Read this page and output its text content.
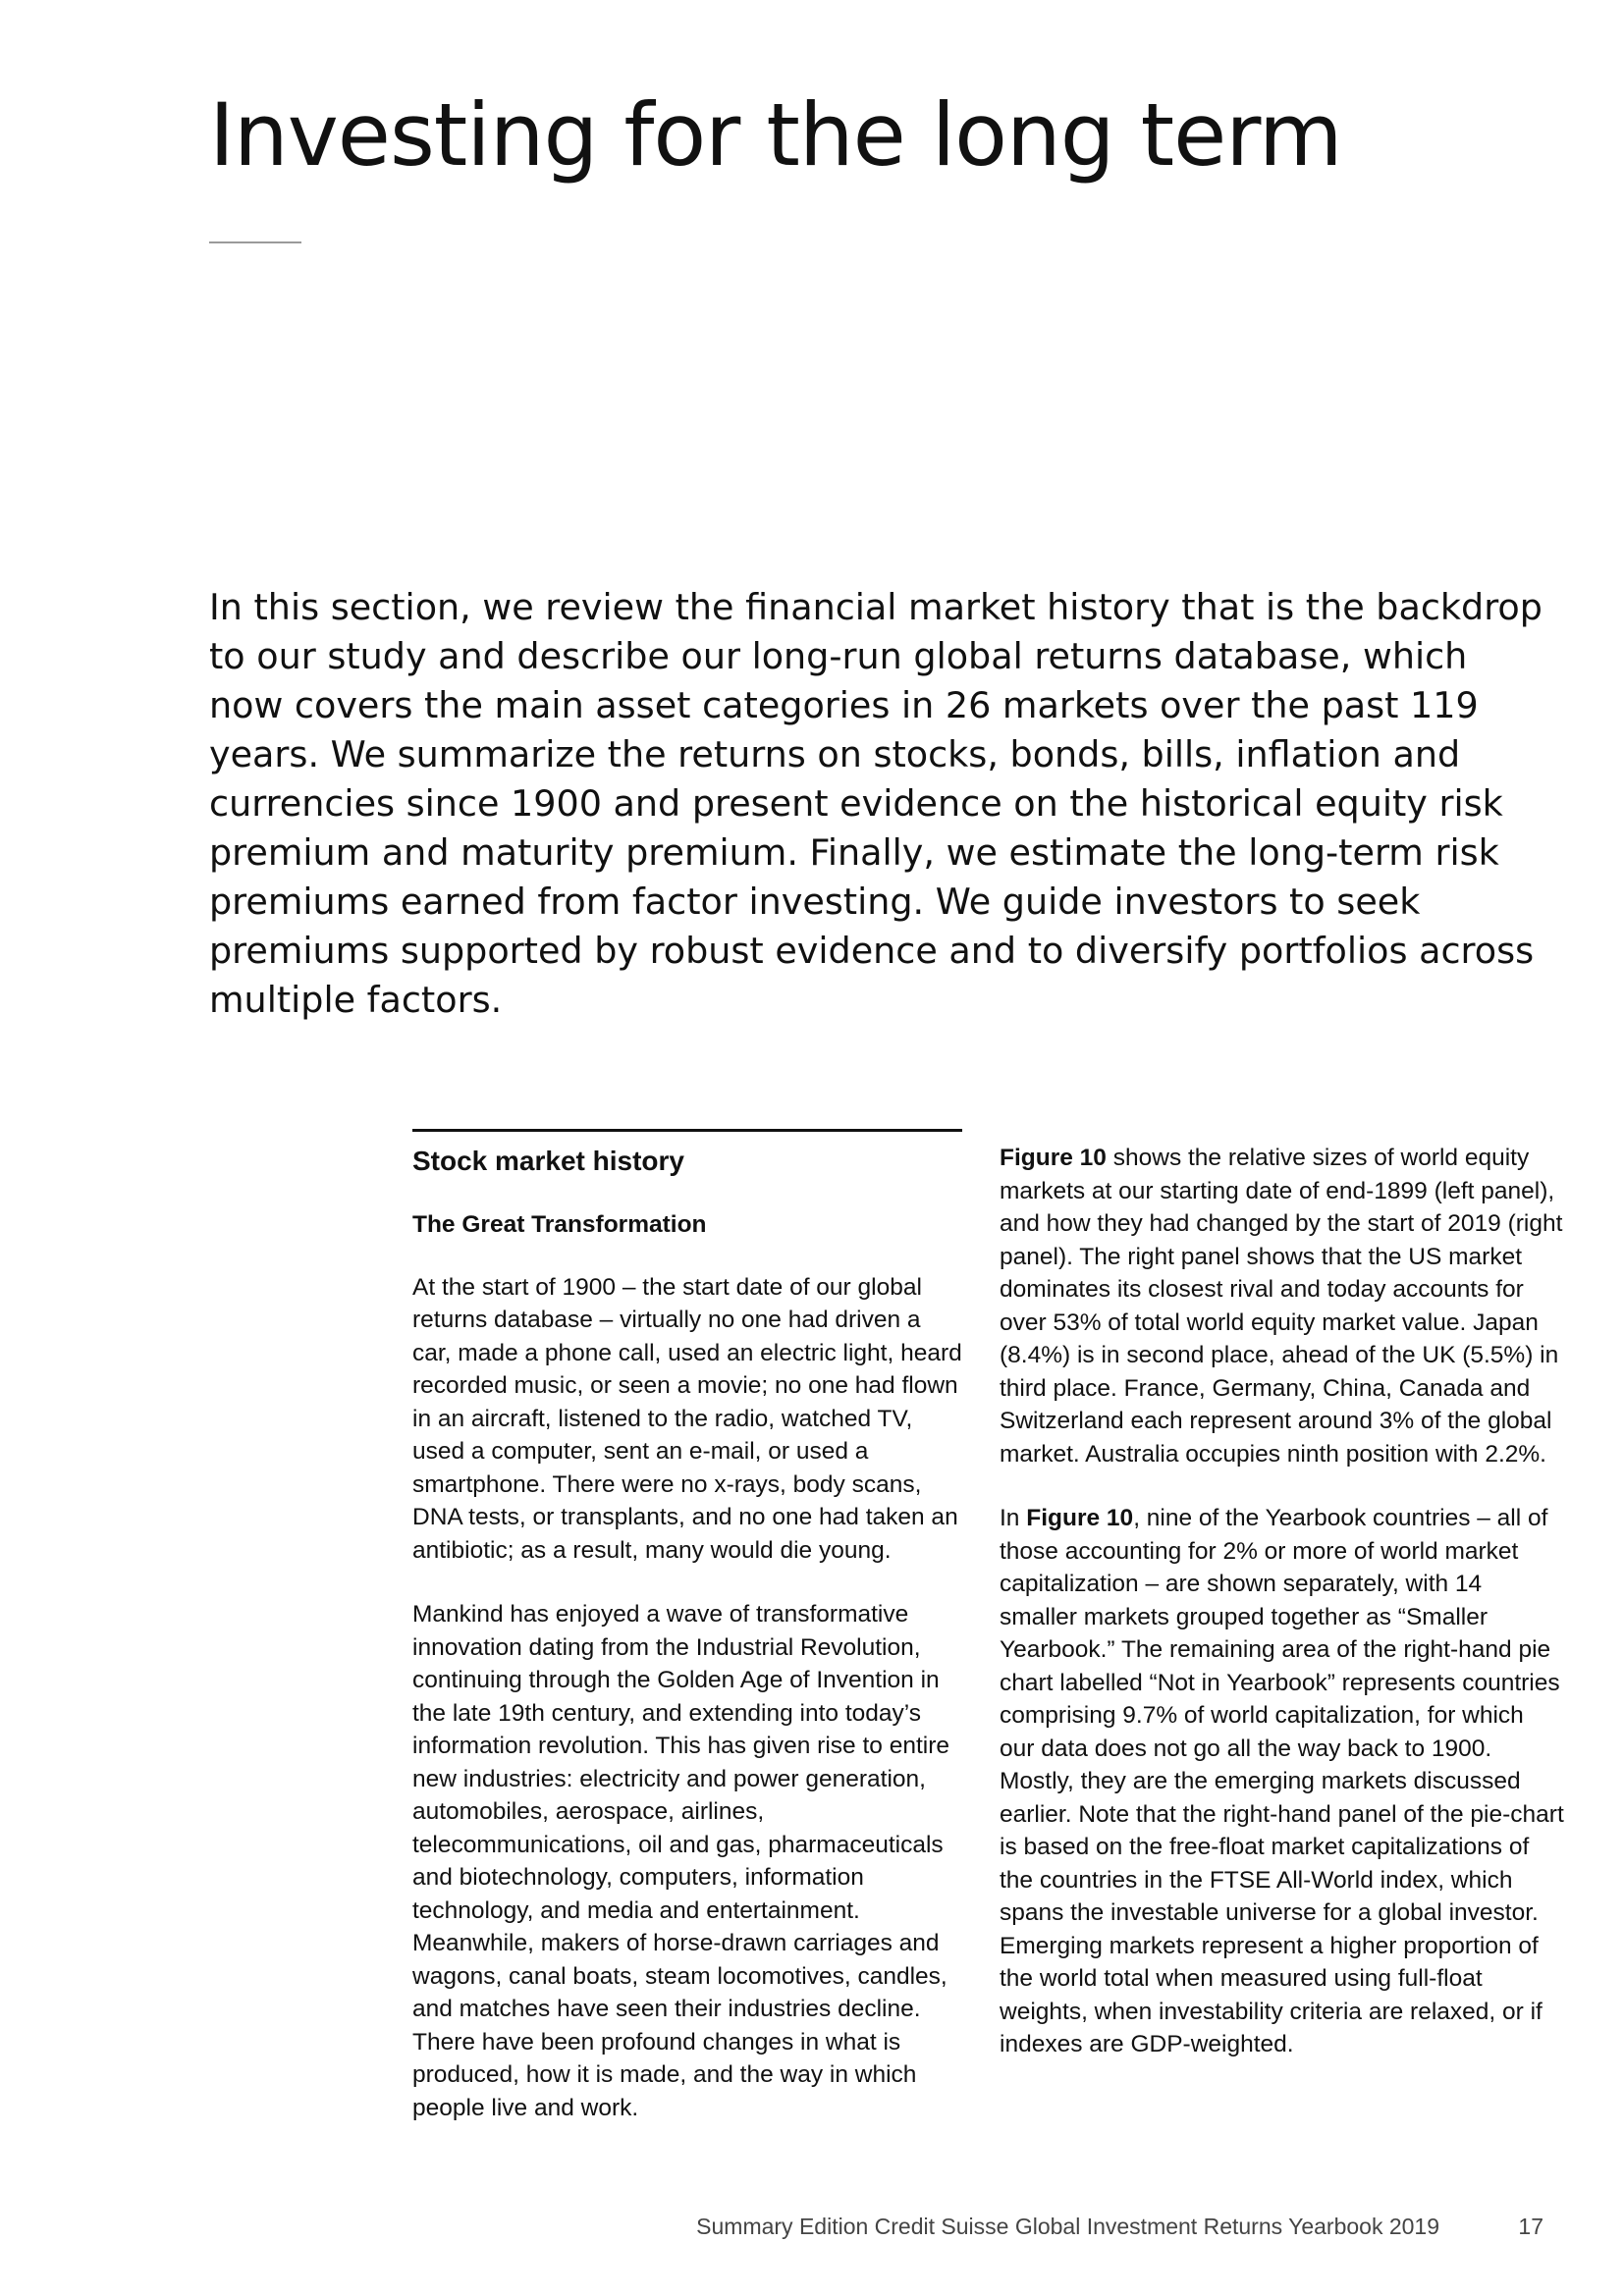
Investing for the long term

In this section, we review the financial market history that is the backdrop to our study and describe our long-run global returns database, which now covers the main asset categories in 26 markets over the past 119 years. We summarize the returns on stocks, bonds, bills, inflation and currencies since 1900 and present evidence on the historical equity risk premium and maturity premium. Finally, we estimate the long-term risk premiums earned from factor investing. We guide investors to seek premiums supported by robust evidence and to diversify portfolios across multiple factors.

Stock market history
The Great Transformation

At the start of 1900 – the start date of our global returns database – virtually no one had driven a car, made a phone call, used an electric light, heard recorded music, or seen a movie; no one had flown in an aircraft, listened to the radio, watched TV, used a computer, sent an e-mail, or used a smartphone. There were no x-rays, body scans, DNA tests, or transplants, and no one had taken an antibiotic; as a result, many would die young.

Mankind has enjoyed a wave of transformative innovation dating from the Industrial Revolution, continuing through the Golden Age of Invention in the late 19th century, and extending into today’s information revolution. This has given rise to entire new industries: electricity and power generation, automobiles, aerospace, airlines, telecommunications, oil and gas, pharmaceuticals and biotechnology, computers, information technology, and media and entertainment. Meanwhile, makers of horse-drawn carriages and wagons, canal boats, steam locomotives, candles, and matches have seen their industries decline. There have been profound changes in what is produced, how it is made, and the way in which people live and work.

Figure 10 shows the relative sizes of world equity markets at our starting date of end-1899 (left panel), and how they had changed by the start of 2019 (right panel). The right panel shows that the US market dominates its closest rival and today accounts for over 53% of total world equity market value. Japan (8.4%) is in second place, ahead of the UK (5.5%) in third place. France, Germany, China, Canada and Switzerland each represent around 3% of the global market. Australia occupies ninth position with 2.2%.

In Figure 10, nine of the Yearbook countries – all of those accounting for 2% or more of world market capitalization – are shown separately, with 14 smaller markets grouped together as “Smaller Yearbook.” The remaining area of the right-hand pie chart labelled “Not in Yearbook” represents countries comprising 9.7% of world capitalization, for which our data does not go all the way back to 1900. Mostly, they are the emerging markets discussed earlier. Note that the right-hand panel of the pie-chart is based on the free-float market capitalizations of the countries in the FTSE All-World index, which spans the investable universe for a global investor. Emerging markets represent a higher proportion of the world total when measured using full-float weights, when investability criteria are relaxed, or if indexes are GDP-weighted.

Summary Edition Credit Suisse Global Investment Returns Yearbook 2019	17
